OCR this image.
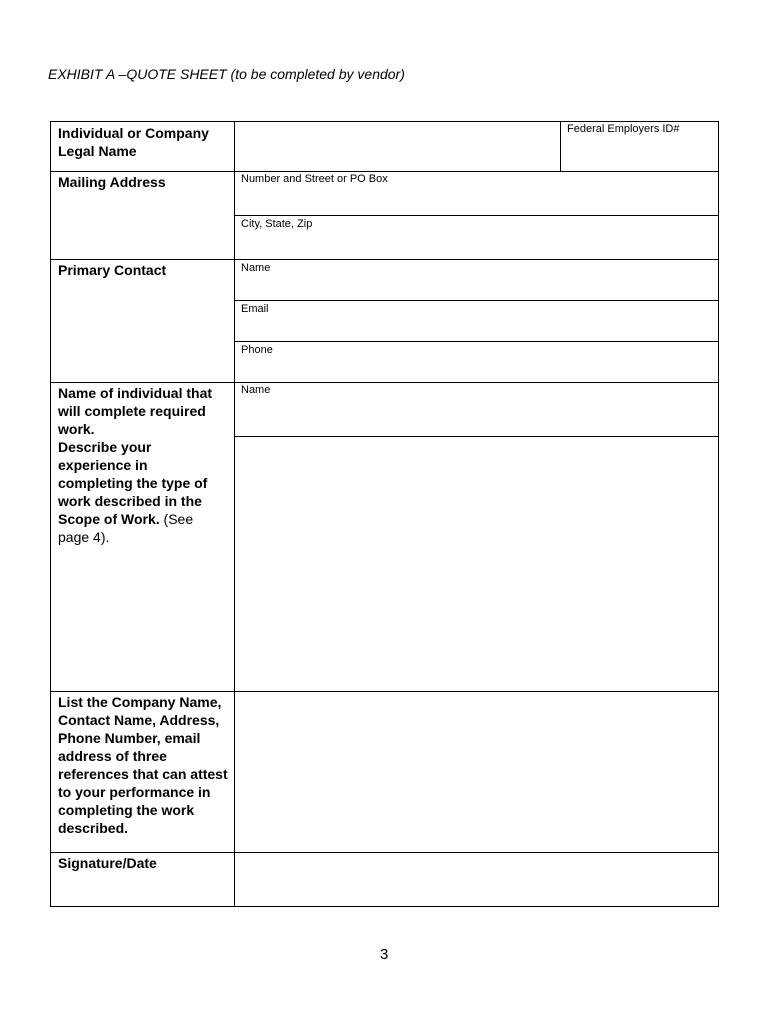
EXHIBIT A –QUOTE SHEET (to be completed by vendor)
Individual or Company Legal Name
Mailing Address
Primary Contact
Name of individual that will complete required work.
Describe your experience in completing the type of work described in the Scope of Work. (See page 4).
List the Company Name, Contact Name, Address, Phone Number, email address of three references that can attest to your performance in completing the work described.
Signature/Date
Federal Employers ID#
Number and Street or PO Box
City, State, Zip
Name
Email
Phone
Name
3
